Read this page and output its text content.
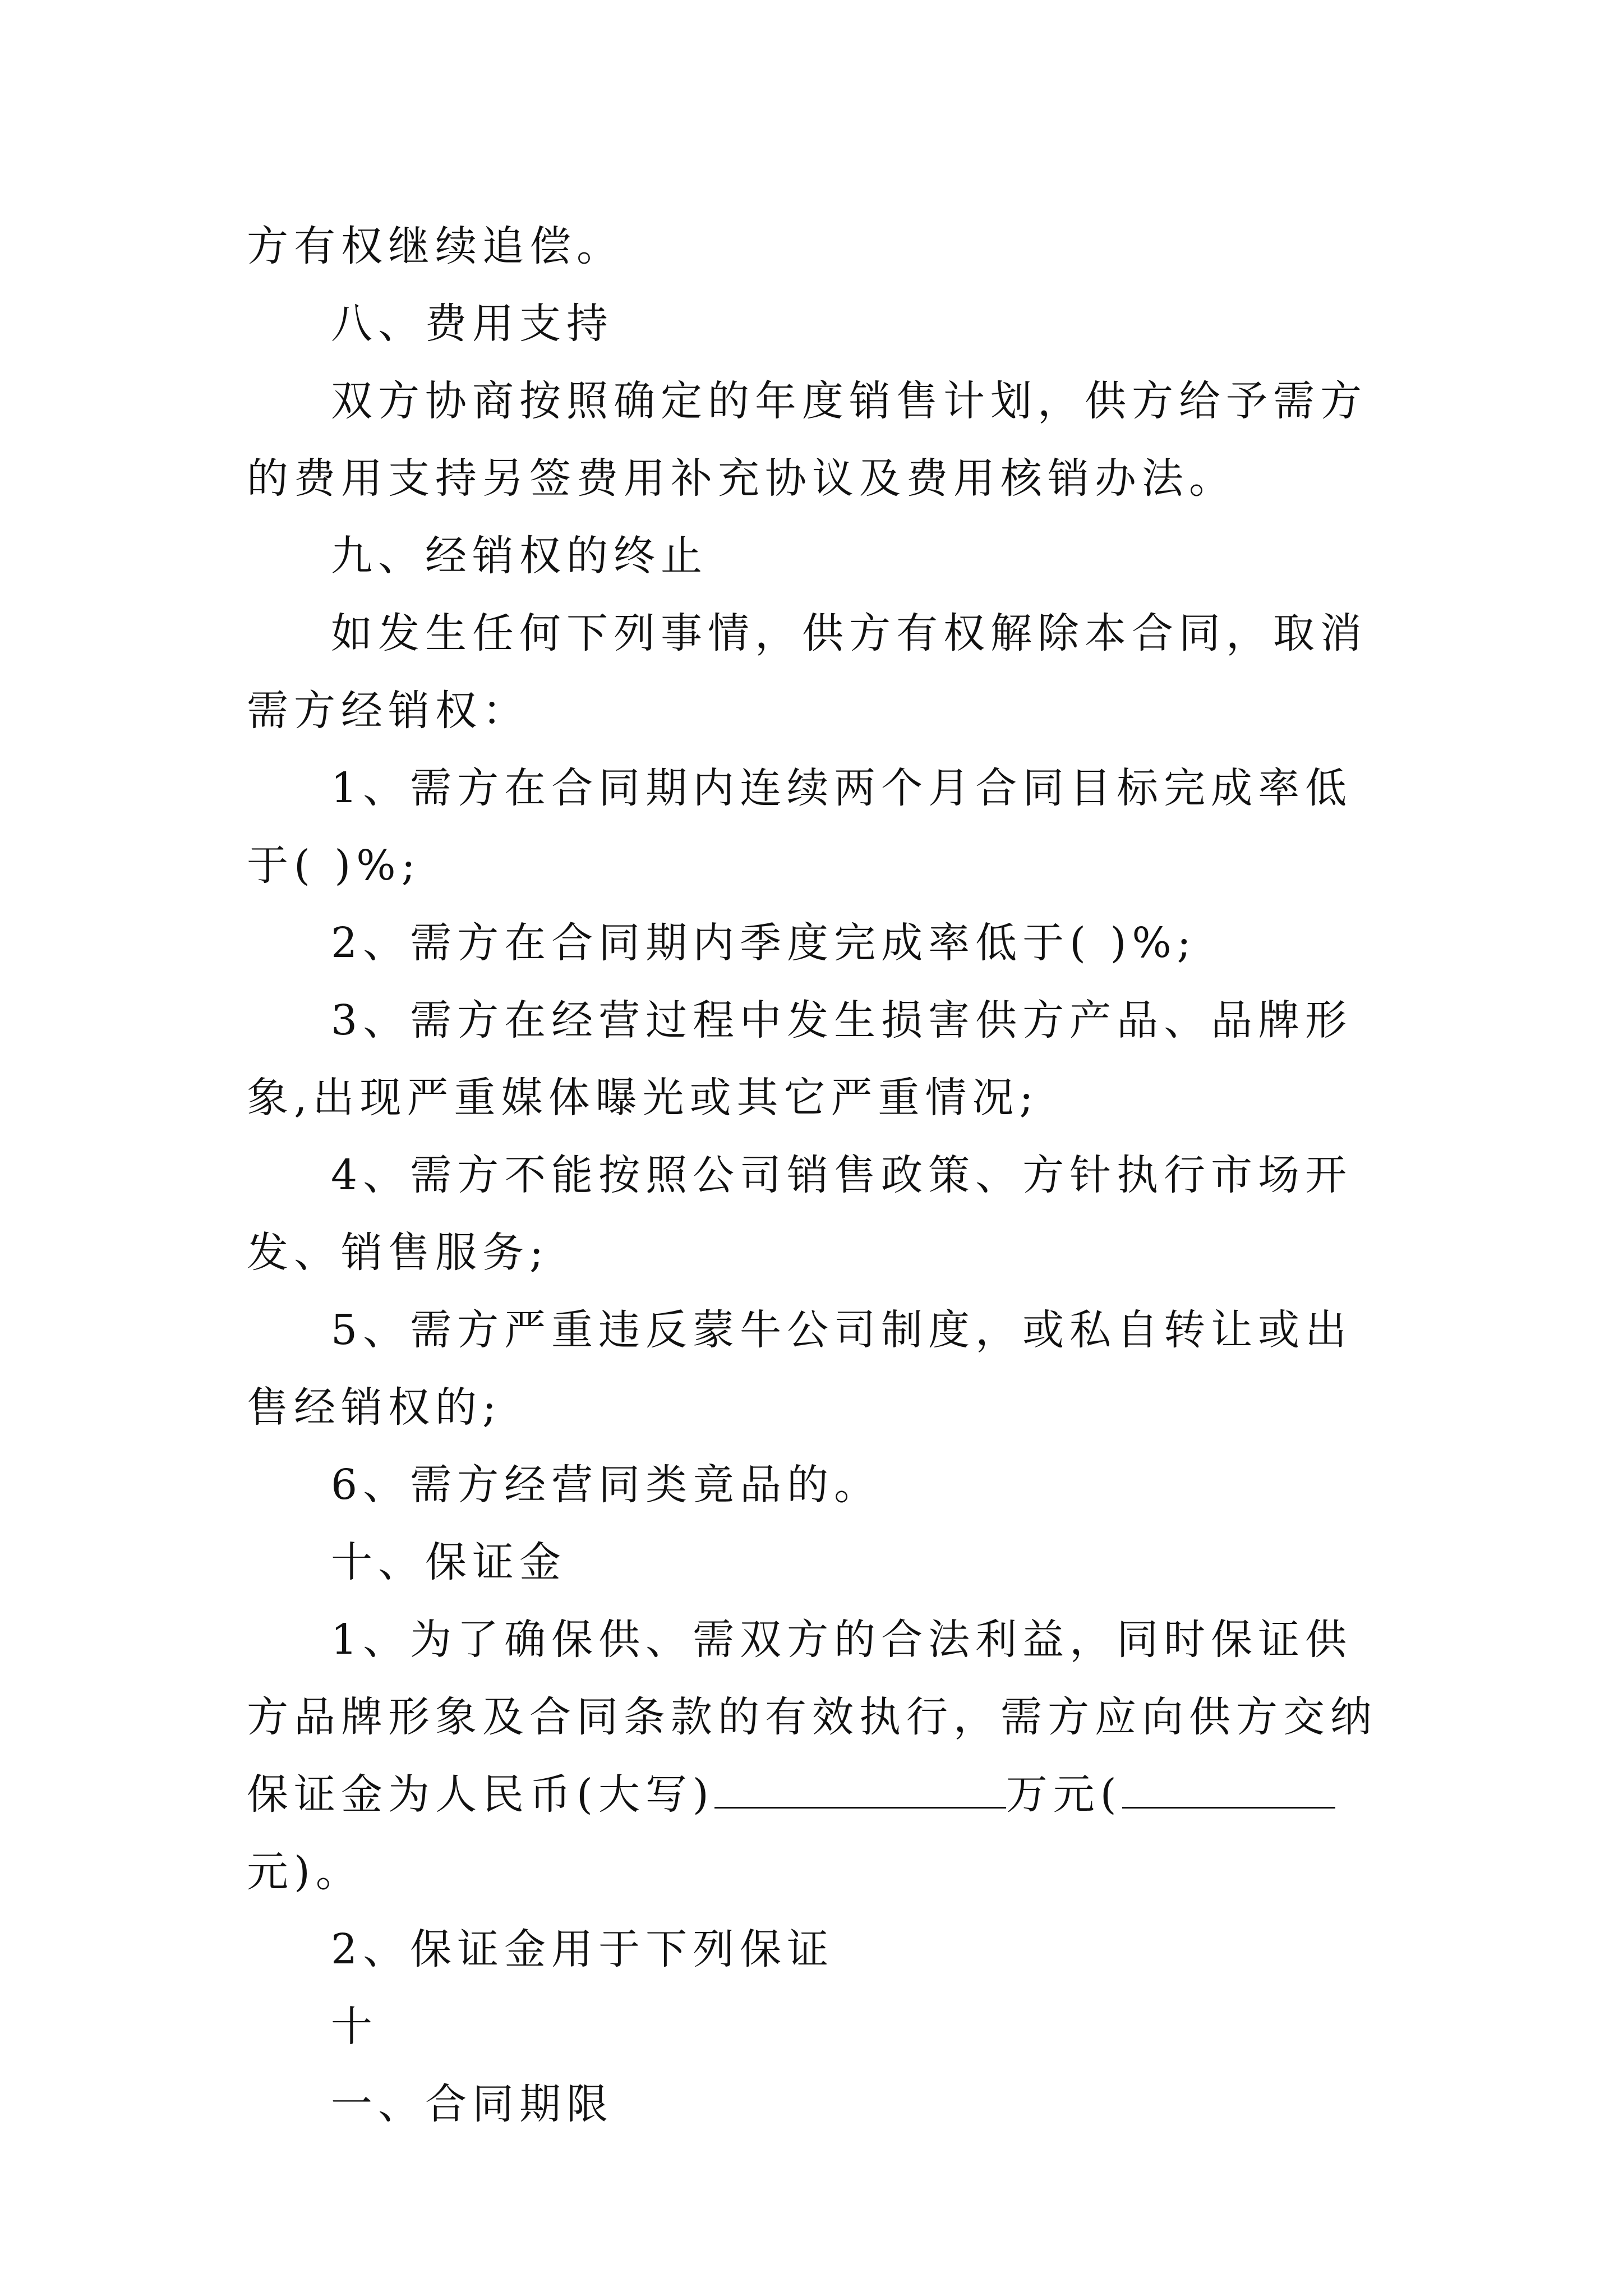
方有权继续追偿。

八、费用支持

双方协商按照确定的年度销售计划，供方给予需方的费用支持另签费用补充协议及费用核销办法。

九、经销权的终止

如发生任何下列事情，供方有权解除本合同，取消需方经销权：

1、需方在合同期内连续两个月合同目标完成率低于( )%;

2、需方在合同期内季度完成率低于( )%;

3、需方在经营过程中发生损害供方产品、品牌形象,出现严重媒体曝光或其它严重情况;

4、需方不能按照公司销售政策、方针执行市场开发、销售服务;

5、需方严重违反蒙牛公司制度，或私自转让或出售经销权的;

6、需方经营同类竟品的。

十、保证金

1、为了确保供、需双方的合法利益，同时保证供方品牌形象及合同条款的有效执行，需方应向供方交纳保证金为人民币(大写)	万元(元)。

2、保证金用于下列保证

十

一、合同期限
